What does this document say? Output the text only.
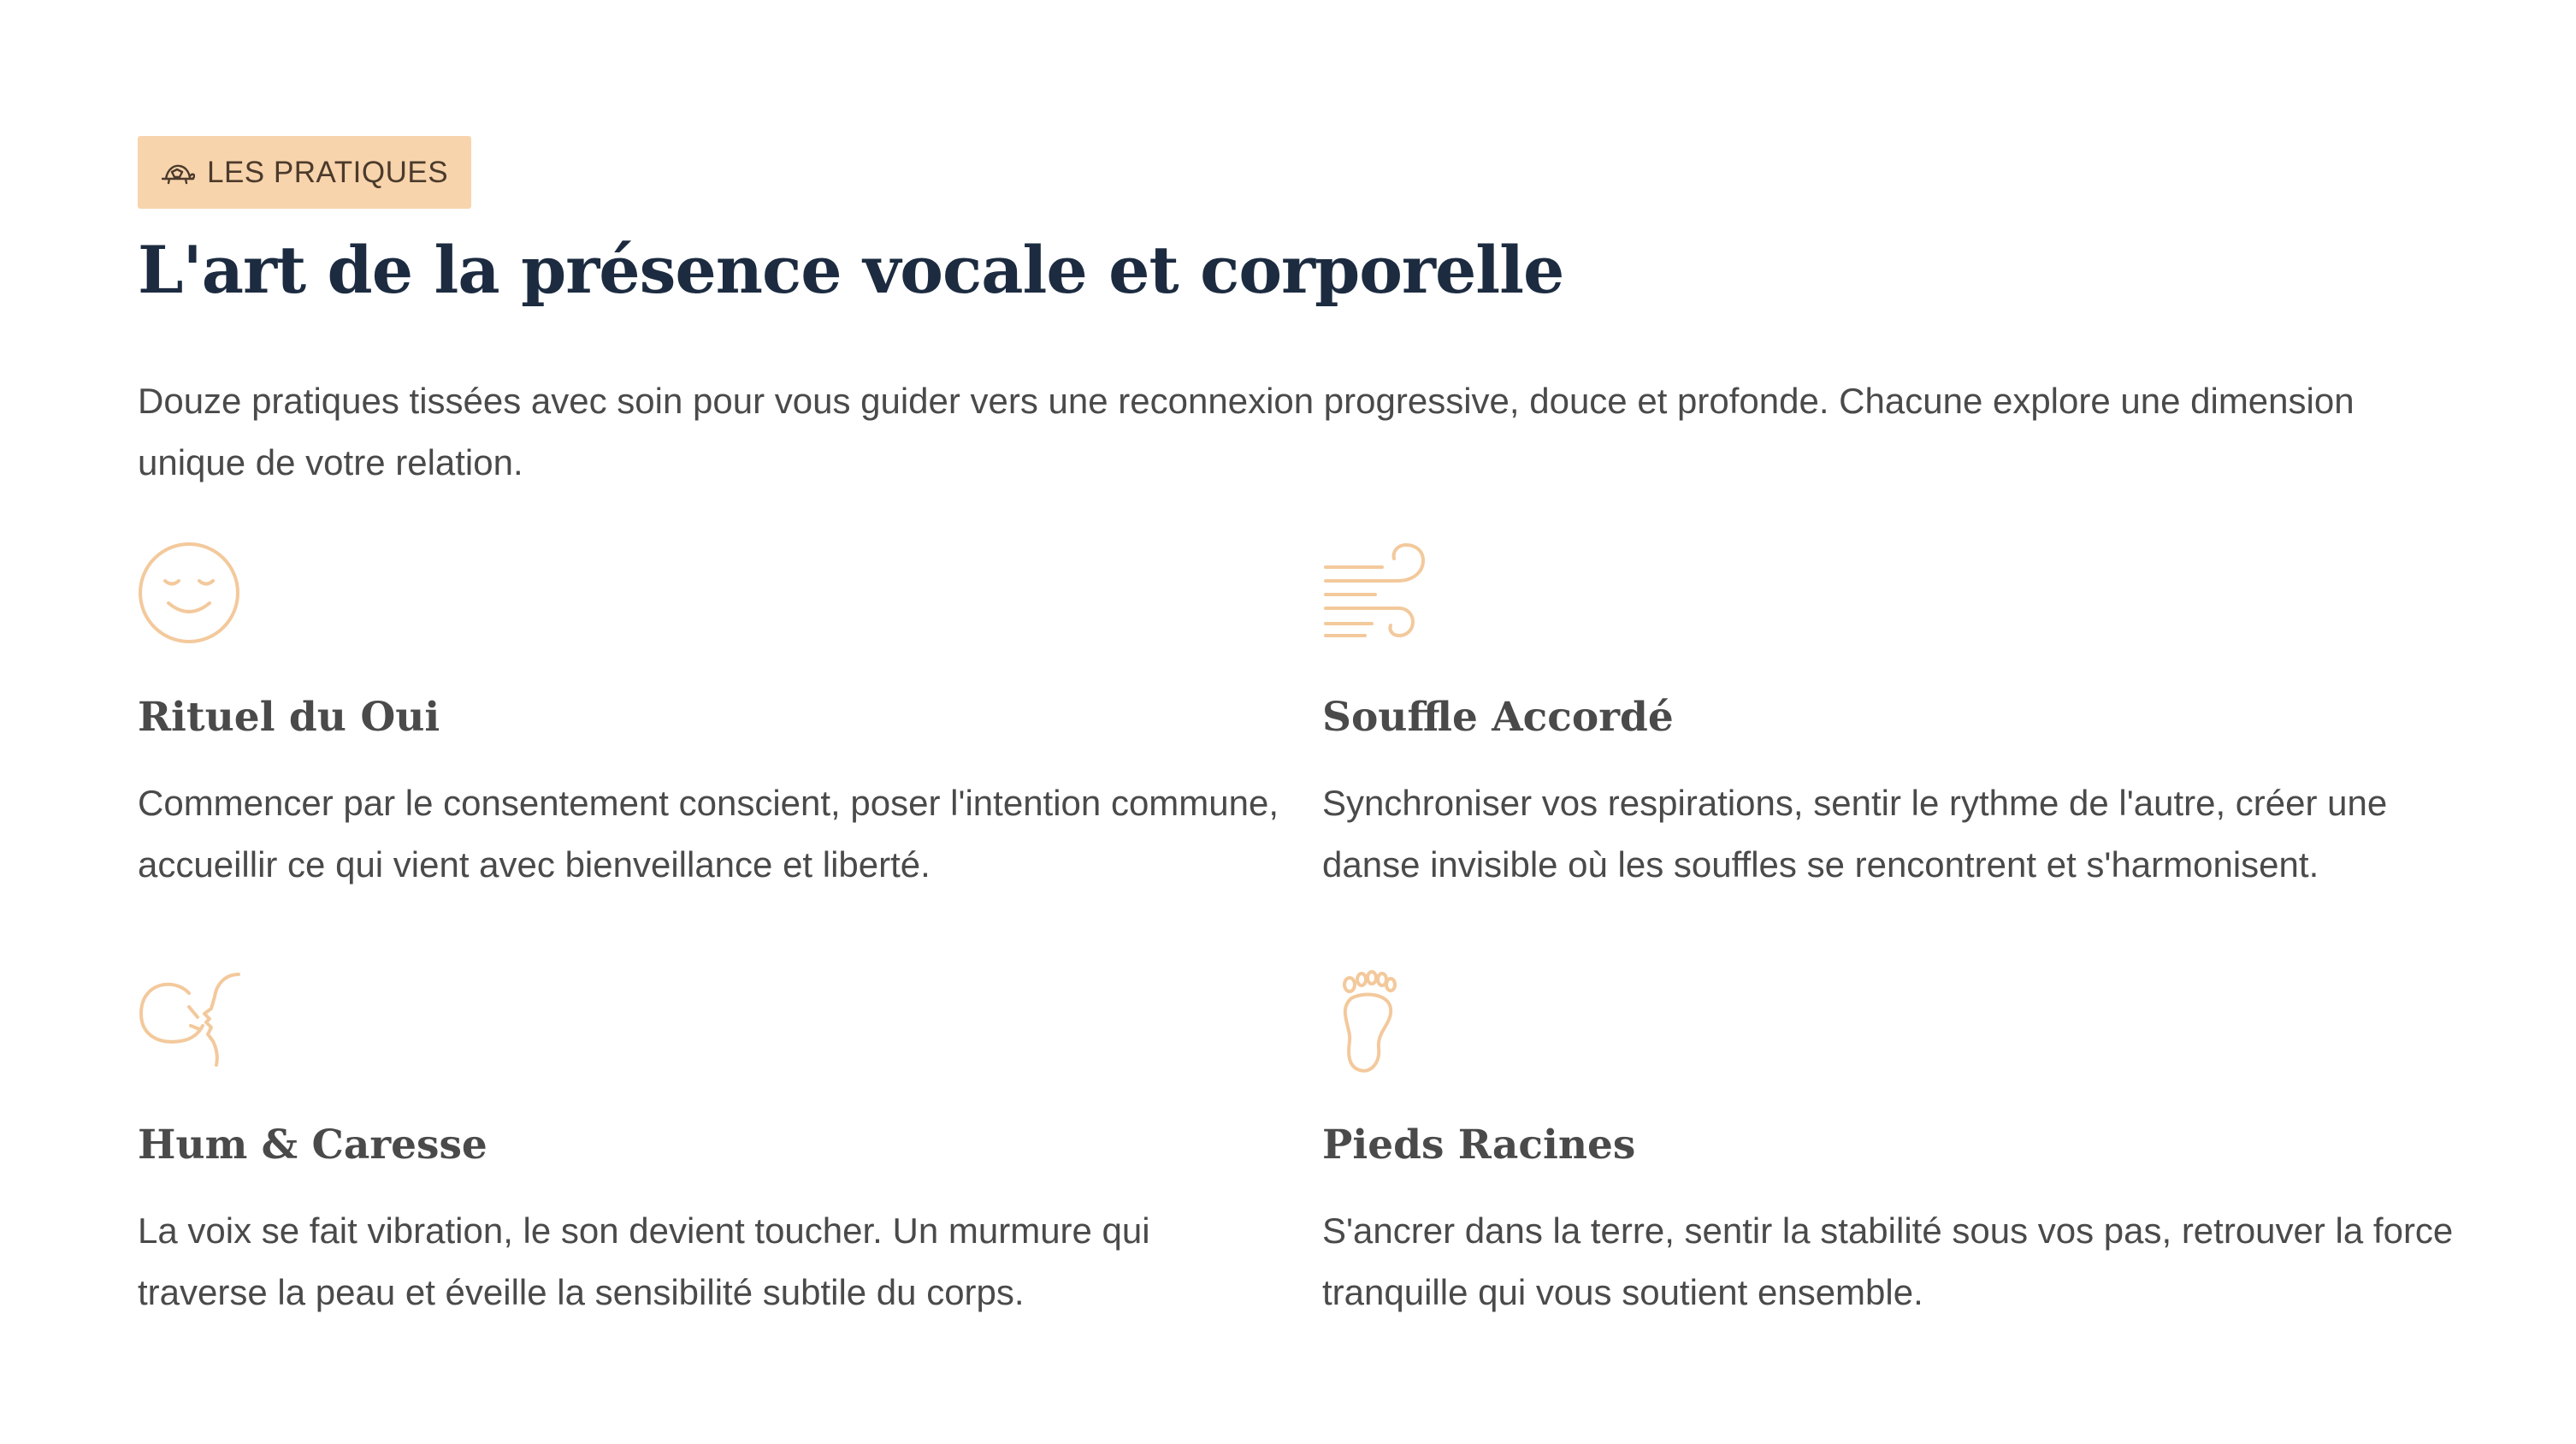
LES PRATIQUES
L'art de la présence vocale et corporelle

Douze pratiques tissées avec soin pour vous guider vers une reconnexion progressive, douce et profonde. Chacune explore une dimension unique de votre relation.

Rituel du Oui

Commencer par le consentement conscient, poser l'intention commune, accueillir ce qui vient avec bienveillance et liberté.

Souffle Accordé

Synchroniser vos respirations, sentir le rythme de l'autre, créer une danse invisible où les souffles se rencontrent et s'harmonisent.

Hum & Caresse

La voix se fait vibration, le son devient toucher. Un murmure qui traverse la peau et éveille la sensibilité subtile du corps.

Pieds Racines

S'ancrer dans la terre, sentir la stabilité sous vos pas, retrouver la force tranquille qui vous soutient ensemble.
